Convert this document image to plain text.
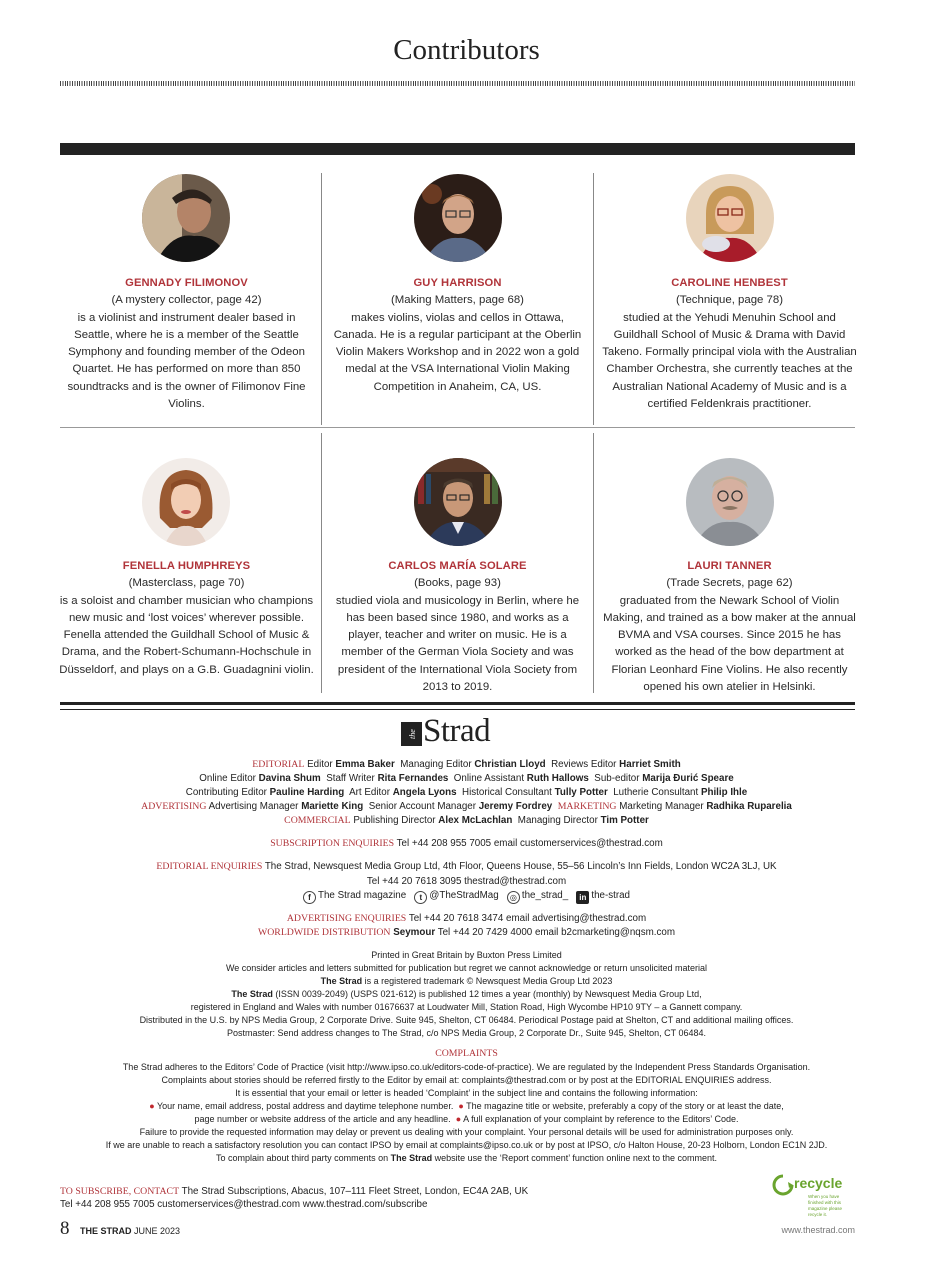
Contributors
GENNADY FILIMONOV
(A mystery collector, page 42)
is a violinist and instrument dealer based in Seattle, where he is a member of the Seattle Symphony and founding member of the Odeon Quartet. He has performed on more than 850 soundtracks and is the owner of Filimonov Fine Violins.
GUY HARRISON
(Making Matters, page 68)
makes violins, violas and cellos in Ottawa, Canada. He is a regular participant at the Oberlin Violin Makers Workshop and in 2022 won a gold medal at the VSA International Violin Making Competition in Anaheim, CA, US.
CAROLINE HENBEST
(Technique, page 78)
studied at the Yehudi Menuhin School and Guildhall School of Music & Drama with David Takeno. Formally principal viola with the Australian Chamber Orchestra, she currently teaches at the Australian National Academy of Music and is a certified Feldenkrais practitioner.
FENELLA HUMPHREYS
(Masterclass, page 70)
is a soloist and chamber musician who champions new music and ‘lost voices’ wherever possible. Fenella attended the Guildhall School of Music & Drama, and the Robert-Schumann-Hochschule in Düsseldorf, and plays on a G.B. Guadagnini violin.
CARLOS MARÍA SOLARE
(Books, page 93)
studied viola and musicology in Berlin, where he has been based since 1980, and works as a player, teacher and writer on music. He is a member of the German Viola Society and was president of the International Viola Society from 2013 to 2019.
LAURI TANNER
(Trade Secrets, page 62)
graduated from the Newark School of Violin Making, and trained as a bow maker at the annual BVMA and VSA courses. Since 2015 he has worked as the head of the bow department at Florian Leonhard Fine Violins. He also recently opened his own atelier in Helsinki.
the Strad
EDITORIAL Editor Emma Baker Managing Editor Christian Lloyd Reviews Editor Harriet Smith
Online Editor Davina Shum Staff Writer Rita Fernandes Online Assistant Ruth Hallows Sub-editor Marija Đurić Speare
Contributing Editor Pauline Harding Art Editor Angela Lyons Historical Consultant Tully Potter Lutherie Consultant Philip Ihle
ADVERTISING Advertising Manager Mariette King Senior Account Manager Jeremy Fordrey MARKETING Marketing Manager Radhika Ruparelia
COMMERCIAL Publishing Director Alex McLachlan Managing Director Tim Potter
SUBSCRIPTION ENQUIRIES Tel +44 208 955 7005 email customerservices@thestrad.com
EDITORIAL ENQUIRIES The Strad, Newsquest Media Group Ltd, 4th Floor, Queens House, 55–56 Lincoln’s Inn Fields, London WC2A 3LJ, UK
Tel +44 20 7618 3095 thestrad@thestrad.com
f The Strad magazine t @TheStradMag ◎ the_strad_ in the-strad
ADVERTISING ENQUIRIES Tel +44 20 7618 3474 email advertising@thestrad.com
WORLDWIDE DISTRIBUTION Seymour Tel +44 20 7429 4000 email b2cmarketing@nqsm.com
Printed in Great Britain by Buxton Press Limited
We consider articles and letters submitted for publication but regret we cannot acknowledge or return unsolicited material
The Strad is a registered trademark © Newsquest Media Group Ltd 2023
The Strad (ISSN 0039-2049) (USPS 021-612) is published 12 times a year (monthly) by Newsquest Media Group Ltd,
registered in England and Wales with number 01676637 at Loudwater Mill, Station Road, High Wycombe HP10 9TY – a Gannett company.
Distributed in the U.S. by NPS Media Group, 2 Corporate Drive. Suite 945, Shelton, CT 06484. Periodical Postage paid at Shelton, CT and additional mailing offices.
Postmaster: Send address changes to The Strad, c/o NPS Media Group, 2 Corporate Dr., Suite 945, Shelton, CT 06484.
COMPLAINTS
The Strad adheres to the Editors’ Code of Practice (visit http://www.ipso.co.uk/editors-code-of-practice). We are regulated by the Independent Press Standards Organisation.
Complaints about stories should be referred firstly to the Editor by email at: complaints@thestrad.com or by post at the EDITORIAL ENQUIRIES address.
It is essential that your email or letter is headed ‘Complaint’ in the subject line and contains the following information:
● Your name, email address, postal address and daytime telephone number. ● The magazine title or website, preferably a copy of the story or at least the date,
page number or website address of the article and any headline. ● A full explanation of your complaint by reference to the Editors’ Code.
Failure to provide the requested information may delay or prevent us dealing with your complaint. Your personal details will be used for administration purposes only.
If we are unable to reach a satisfactory resolution you can contact IPSO by email at complaints@ipso.co.uk or by post at IPSO, c/o Halton House, 20-23 Holborn, London EC1N 2JD.
To complain about third party comments on The Strad website use the ‘Report comment’ function online next to the comment.
TO SUBSCRIBE, CONTACT The Strad Subscriptions, Abacus, 107–111 Fleet Street, London, EC4A 2AB, UK
Tel +44 208 955 7005 customerservices@thestrad.com www.thestrad.com/subscribe
recycle
When you have finished with this magazine please recycle it.
8 THE STRAD JUNE 2023	www.thestrad.com
